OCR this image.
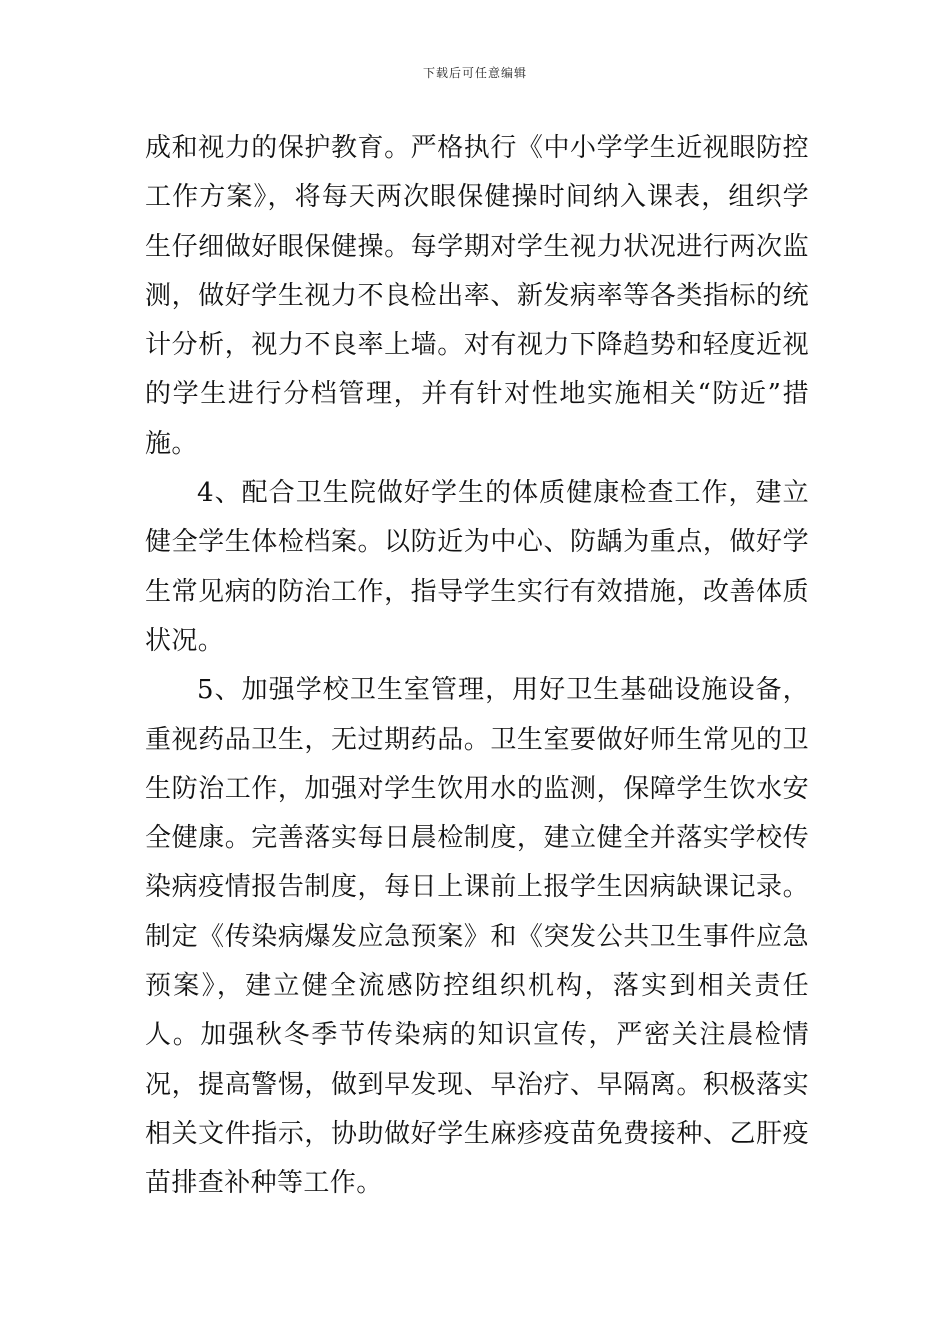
下载后可任意编辑

成和视力的保护教育。严格执行《中小学学生近视眼防控工作方案》，将每天两次眼保健操时间纳入课表，组织学生仔细做好眼保健操。每学期对学生视力状况进行两次监测，做好学生视力不良检出率、新发病率等各类指标的统计分析，视力不良率上墙。对有视力下降趋势和轻度近视的学生进行分档管理，并有针对性地实施相关“防近”措施。

4、配合卫生院做好学生的体质健康检查工作，建立健全学生体检档案。以防近为中心、防龋为重点，做好学生常见病的防治工作，指导学生实行有效措施，改善体质状况。

5、加强学校卫生室管理，用好卫生基础设施设备，重视药品卫生，无过期药品。卫生室要做好师生常见的卫生防治工作，加强对学生饮用水的监测，保障学生饮水安全健康。完善落实每日晨检制度，建立健全并落实学校传染病疫情报告制度，每日上课前上报学生因病缺课记录。制定《传染病爆发应急预案》和《突发公共卫生事件应急预案》，建立健全流感防控组织机构，落实到相关责任人。加强秋冬季节传染病的知识宣传，严密关注晨检情况，提高警惕，做到早发现、早治疗、早隔离。积极落实相关文件指示，协助做好学生麻疹疫苗免费接种、乙肝疫苗排查补种等工作。
